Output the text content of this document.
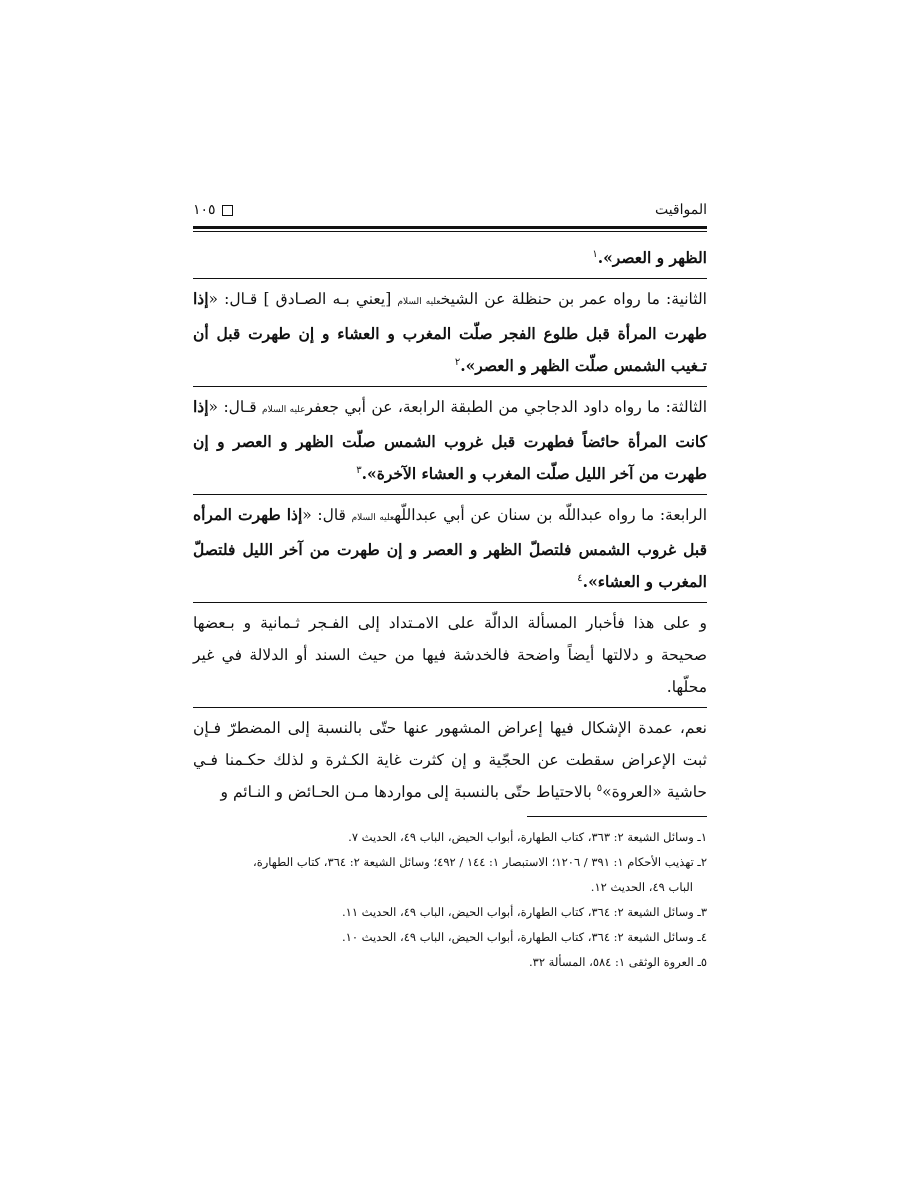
المواقيت
١٠٥

الظهر و العصر».$^١$

الثانية: ما رواه عمر بن حنظلة عن الشيخعليه السلام [يعني بـه الصـادق ] قـال: «إذا طهرت المرأة قبل طلوع الفجر صلّت المغرب و العشاء و إن طهرت قبل أن تـغيب الشمس صلّت الظهر و العصر».$^٢$

الثالثة: ما رواه داود الدجاجي من الطبقة الرابعة، عن أبي جعفرعليه السلام قـال: «إذا كانت المرأة حائضاً فطهرت قبل غروب الشمس صلّت الظهر و العصر و إن طهرت من آخر الليل صلّت المغرب و العشاء الآخرة».$^٣$

الرابعة: ما رواه عبداللّه بن سنان عن أبي عبداللّهعليه السلام قال: «إذا طهرت المرأه قبل غروب الشمس فلتصلّ الظهر و العصر و إن طهرت من آخر الليل فلتصلّ المغرب و العشاء».$^٤$

و على هذا فأخبار المسألة الدالّة على الامـتداد إلى الفـجر ثـمانية و بـعضها صحيحة و دلالتها أيضاً واضحة فالخدشة فيها من حيث السند أو الدلالة في غير محلّها.

نعم، عمدة الإشكال فيها إعراض المشهور عنها حتّى بالنسبة إلى المضطرّ فـإن ثبت الإعراض سقطت عن الحجّية و إن كثرت غاية الكـثرة و لذلك حكـمنا فـي حاشية «العروة»$^٥$ بالاحتياط حتّى بالنسبة إلى مواردها مـن الحـائض و النـائم و

١ـ وسائل الشيعة ٢: ٣٦٣، كتاب الطهارة، أبواب الحيض، الباب ٤٩، الحديث ٧.
٢ـ تهذيب الأحكام ١: ٣٩١ / ١٢٠٦؛ الاستبصار ١: ١٤٤ / ٤٩٢؛ وسائل الشيعة ٢: ٣٦٤، كتاب الطهارة،
الباب ٤٩، الحديث ١٢.
٣ـ وسائل الشيعة ٢: ٣٦٤، كتاب الطهارة، أبواب الحيض، الباب ٤٩، الحديث ١١.
٤ـ وسائل الشيعة ٢: ٣٦٤، كتاب الطهارة، أبواب الحيض، الباب ٤٩، الحديث ١٠.
٥ـ العروة الوثقى ١: ٥٨٤، المسألة ٣٢.
